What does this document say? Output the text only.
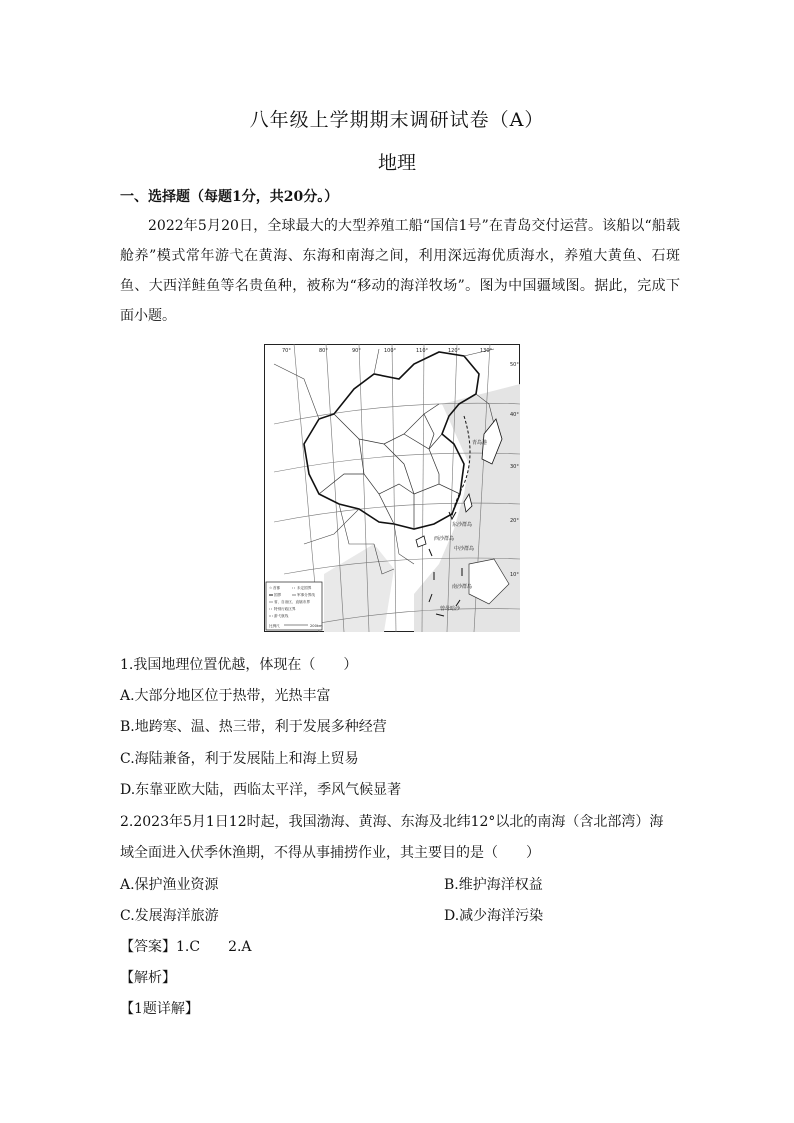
八年级上学期期末调研试卷（A）
地理
一、选择题（每题1分，共20分。）
2022年5月20日，全球最大的大型养殖工船“国信1号”在青岛交付运营。该船以“船载舱养”模式常年游弋在黄海、东海和南海之间，利用深远海优质海水，养殖大黄鱼、石斑鱼、大西洋鲑鱼等名贵鱼种，被称为“移动的海洋牧场”。图为中国疆域图。据此，完成下面小题。
70°	80°	90°	100°	110°	120°	130°
50°
40°
30°
20°
10°
青岛港
东沙群岛
西沙群岛
中沙群岛
南沙群岛
曾母暗沙
☆ 首都
国界
省、自治区、直辖市界
特别行政区界
游弋航线
未定国界
军事分界线
比例尺	200km
1.我国地理位置优越，体现在（　　）
A.大部分地区位于热带，光热丰富
B.地跨寒、温、热三带，利于发展多种经营
C.海陆兼备，利于发展陆上和海上贸易
D.东靠亚欧大陆，西临太平洋，季风气候显著
2.2023年5月1日12时起，我国渤海、黄海、东海及北纬12°以北的南海（含北部湾）海
域全面进入伏季休渔期，不得从事捕捞作业，其主要目的是（　　）
A.保护渔业资源	B.维护海洋权益
C.发展海洋旅游	D.减少海洋污染
【答案】1.C　　2.A
【解析】
【1题详解】
